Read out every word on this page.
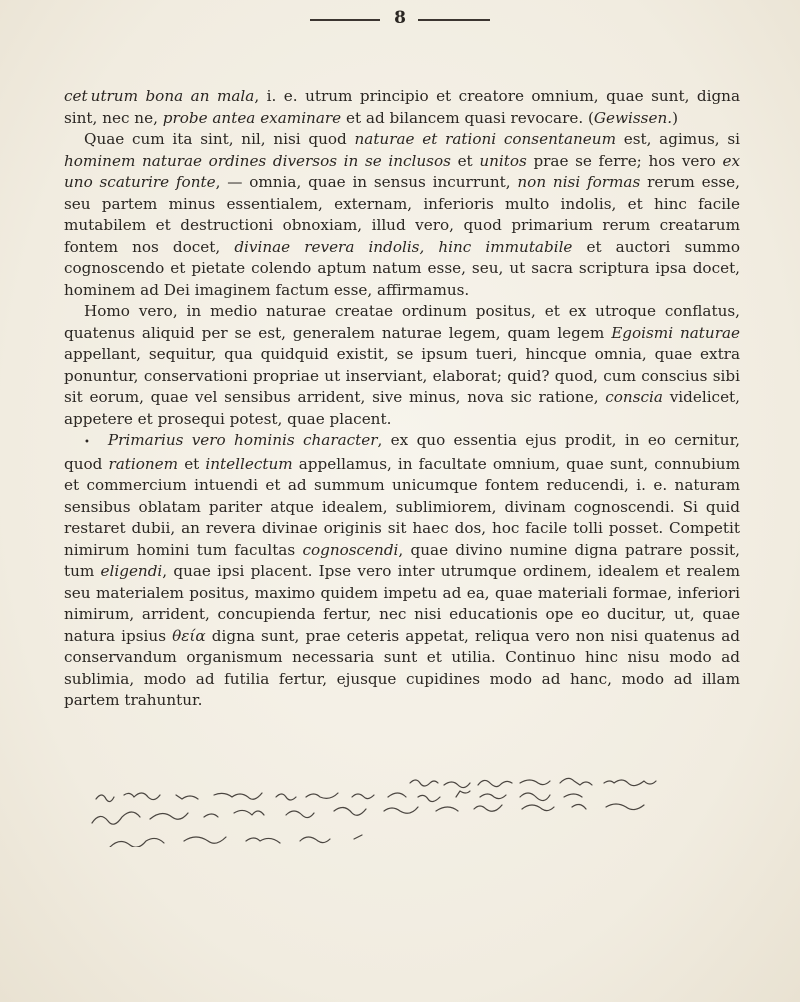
8

cet  utrum bona an mala, i. e. utrum principio et creatore omnium, quae sunt, digna sint, nec ne, probe antea examinare et ad bilancem quasi revocare. (Gewissen.)

Quae cum ita sint, nil, nisi quod naturae et rationi consentaneum est, agimus, si hominem naturae ordines diversos in se inclusos et unitos prae se ferre; hos vero ex uno scaturire fonte, — omnia, quae in sensus incurrunt, non nisi formas rerum esse, seu partem minus essentialem, externam, inferioris multo indolis, et hinc facile mutabilem et destructioni obnoxiam, illud vero, quod primarium rerum creatarum fontem nos docet, divinae revera indolis, hinc immutabile et auctori summo cognoscendo et pietate colendo aptum natum esse, seu, ut sacra scriptura ipsa docet, hominem ad Dei imaginem factum esse, affirmamus.

Homo vero, in medio naturae creatae ordinum positus, et ex utroque conflatus, quatenus aliquid per se est, generalem naturae legem, quam legem Egoismi naturae appellant, sequitur, qua quidquid existit, se ipsum tueri, hincque omnia, quae extra ponuntur, conservationi propriae ut inserviant, elaborat; quid? quod, cum conscius sibi sit eorum, quae vel sensibus arrident, sive minus, nova sic ratione, conscia videlicet, appetere et prosequi potest, quae placent.

• Primarius vero hominis character, ex quo essentia ejus prodit, in eo cernitur, quod rationem et intellectum appellamus, in facultate omnium, quae sunt, connubium et commercium intuendi et ad summum unicumque fontem reducendi, i. e. naturam sensibus oblatam pariter atque idealem, sublimiorem, divinam cognoscendi. Si quid restaret dubii, an revera divinae originis sit haec dos, hoc facile tolli posset. Competit nimirum homini tum facultas cognoscendi, quae divino numine digna patrare possit, tum eligendi, quae ipsi placent. Ipse vero inter utrumque ordinem, idealem et realem seu materialem positus, maximo quidem impetu ad ea, quae materiali formae, inferiori nimirum, arrident, concupienda fertur, nec nisi educationis ope eo ducitur, ut, quae natura ipsius θεία digna sunt, prae ceteris appetat, reliqua vero non nisi quatenus ad conservandum organismum necessaria sunt et utilia. Continuo hinc nisu modo ad sublimia, modo ad futilia fertur, ejusque cupidines modo ad hanc, modo ad illam partem trahuntur.
